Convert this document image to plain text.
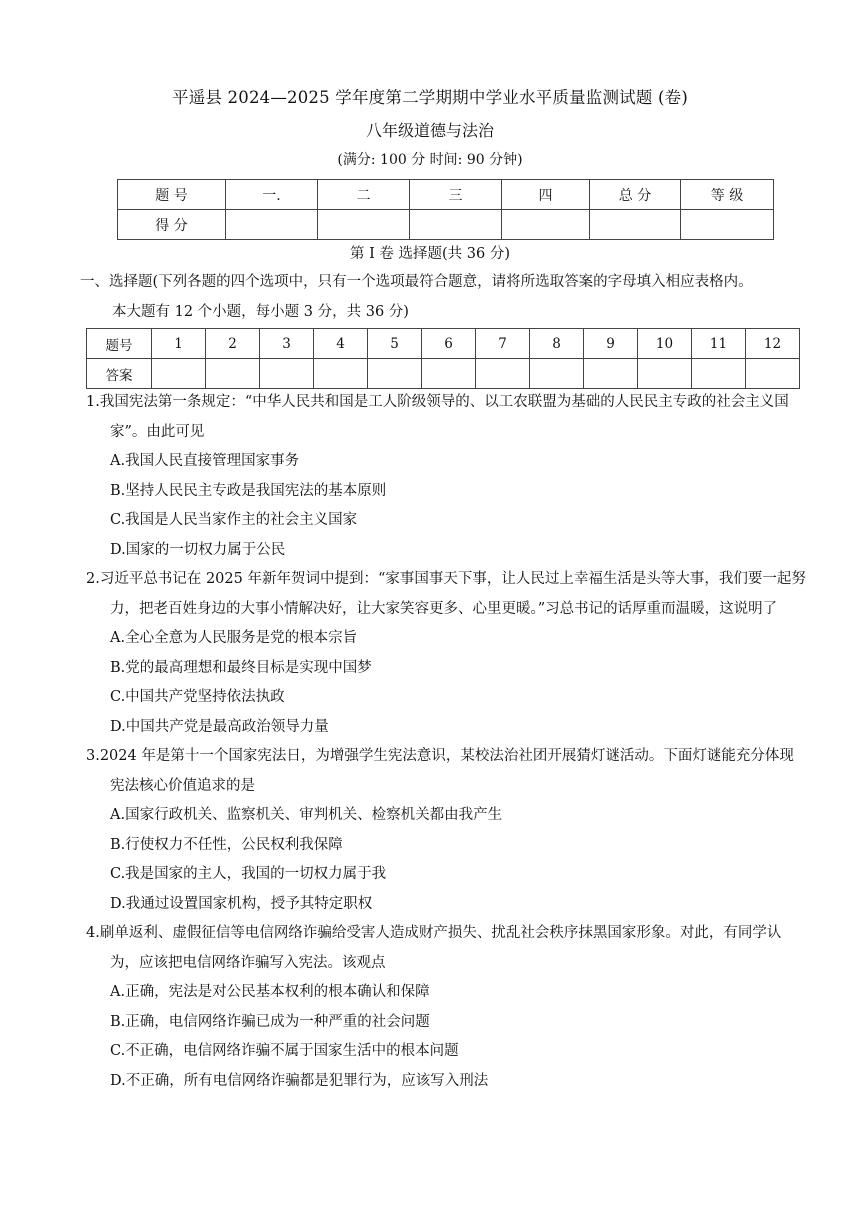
平遥县 2024—2025 学年度第二学期期中学业水平质量监测试题 (卷)
八年级道德与法治
(满分: 100 分 时间: 90 分钟)
题 号	一.	二	三	四	总 分	等 级
得 分						
第 I 卷 选择题(共 36 分)
一、选择题(下列各题的四个选项中，只有一个选项最符合题意，请将所选取答案的字母填入相应表格内。
本大题有 12 个小题，每小题 3 分，共 36 分)
题号	1	2	3	4	5	6	7	8	9	10	11	12
答案												
1.我国宪法第一条规定：“中华人民共和国是工人阶级领导的、以工农联盟为基础的人民民主专政的社会主义国家”。由此可见
A.我国人民直接管理国家事务
B.坚持人民民主专政是我国宪法的基本原则
C.我国是人民当家作主的社会主义国家
D.国家的一切权力属于公民
2.习近平总书记在 2025 年新年贺词中提到：“家事国事天下事，让人民过上幸福生活是头等大事，我们要一起努力，把老百姓身边的大事小情解决好，让大家笑容更多、心里更暖。”习总书记的话厚重而温暖，这说明了
A.全心全意为人民服务是党的根本宗旨
B.党的最高理想和最终目标是实现中国梦
C.中国共产党坚持依法执政
D.中国共产党是最高政治领导力量
3.2024 年是第十一个国家宪法日，为增强学生宪法意识，某校法治社团开展猜灯谜活动。下面灯谜能充分体现宪法核心价值追求的是
A.国家行政机关、监察机关、审判机关、检察机关都由我产生
B.行使权力不任性，公民权利我保障
C.我是国家的主人，我国的一切权力属于我
D.我通过设置国家机构，授予其特定职权
4.刷单返利、虚假征信等电信网络诈骗给受害人造成财产损失、扰乱社会秩序抹黑国家形象。对此，有同学认为，应该把电信网络诈骗写入宪法。该观点
A.正确，宪法是对公民基本权利的根本确认和保障
B.正确，电信网络诈骗已成为一种严重的社会问题
C.不正确，电信网络诈骗不属于国家生活中的根本问题
D.不正确，所有电信网络诈骗都是犯罪行为，应该写入刑法
